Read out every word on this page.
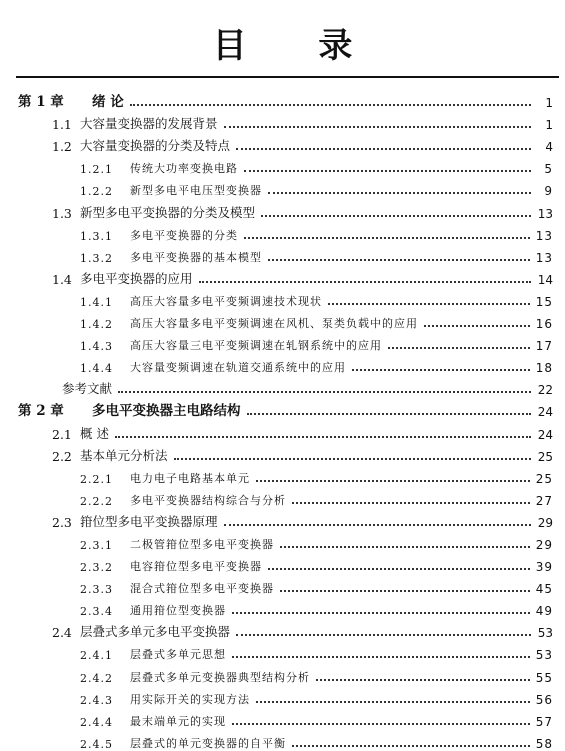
目 录
第 1 章	绪 论	1
1.1 大容量变换器的发展背景	1
1.2 大容量变换器的分类及特点	4
1.2.1	传统大功率变换电路	5
1.2.2	新型多电平电压型变换器	9
1.3 新型多电平变换器的分类及模型	13
1.3.1	多电平变换器的分类	13
1.3.2	多电平变换器的基本模型	13
1.4 多电平变换器的应用	14
1.4.1	高压大容量多电平变频调速技术现状	15
1.4.2	高压大容量多电平变频调速在风机、泵类负载中的应用	16
1.4.3	高压大容量三电平变频调速在轧钢系统中的应用	17
1.4.4	大容量变频调速在轨道交通系统中的应用	18
参考文献	22
第 2 章	多电平变换器主电路结构	24
2.1 概 述	24
2.2 基本单元分析法	25
2.2.1	电力电子电路基本单元	25
2.2.2	多电平变换器结构综合与分析	27
2.3 箝位型多电平变换器原理	29
2.3.1	二极管箝位型多电平变换器	29
2.3.2	电容箝位型多电平变换器	39
2.3.3	混合式箝位型多电平变换器	45
2.3.4	通用箝位型变换器	49
2.4 层叠式多单元多电平变换器	53
2.4.1	层叠式多单元思想	53
2.4.2	层叠式多单元变换器典型结构分析	55
2.4.3	用实际开关的实现方法	56
2.4.4	最末端单元的实现	57
2.4.5	层叠式的单元变换器的自平衡	58
